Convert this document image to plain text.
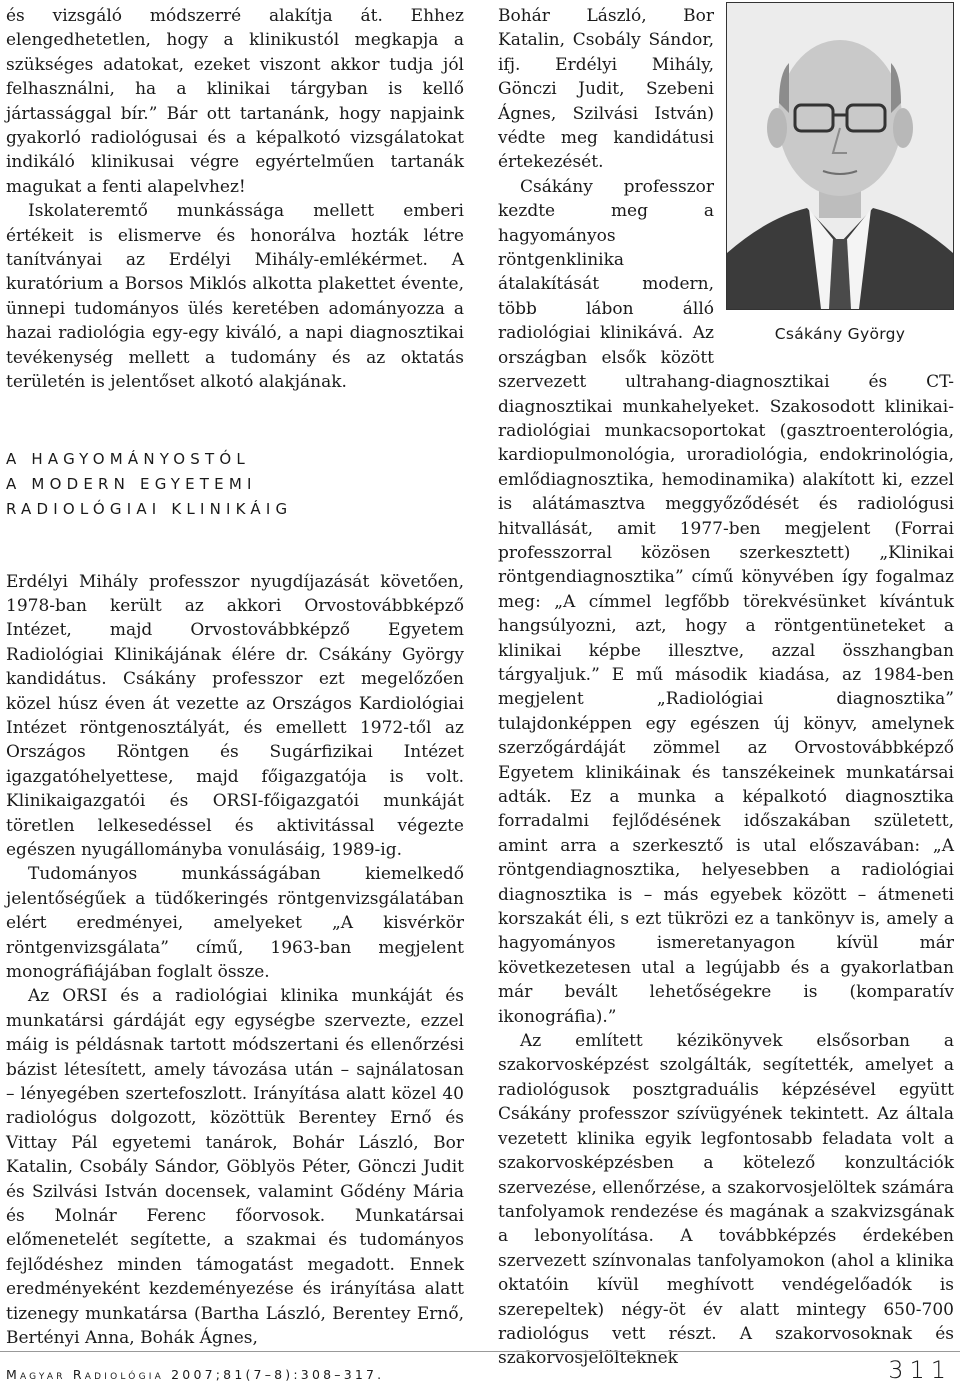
és vizsgáló módszerré alakítja át. Ehhez elengedhetetlen, hogy a klinikustól megkapja a szükséges adatokat, ezeket viszont akkor tudja jól felhasználni, ha a klinikai tárgyban is kellő jártassággal bír.” Bár ott tartanánk, hogy napjaink gyakorló radiológusai és a képalkotó vizsgálatokat indikáló klinikusai végre egyértelműen tartanák magukat a fenti alapelvhez!

Iskolateremtő munkássága mellett emberi értékeit is elismerve és honorálva hozták létre tanítványai az Erdélyi Mihály-emlékérmet. A kuratórium a Borsos Miklós alkotta plakettet évente, ünnepi tudományos ülés keretében adományozza a hazai radiológia egy-egy kiváló, a napi diagnosztikai tevékenység mellett a tudomány és az oktatás területén is jelentőset alkotó alakjának.

A HAGYOMÁNYOSTÓL
A MODERN EGYETEMI
RADIOLÓGIAI KLINIKÁIG

Erdélyi Mihály professzor nyugdíjazását követően, 1978-ban került az akkori Orvostovábbképző Intézet, majd Orvostovábbképző Egyetem Radiológiai Klinikájának élére dr. Csákány György kandidátus. Csákány professzor ezt megelőzően közel húsz éven át vezette az Országos Kardiológiai Intézet röntgenosztályát, és emellett 1972-től az Országos Röntgen és Sugárfizikai Intézet igazgatóhelyettese, majd főigazgatója is volt. Klinikaigazgatói és ORSI-főigazgatói munkáját töretlen lelkesedéssel és aktivitással végezte egészen nyugállományba vonulásáig, 1989-ig.

Tudományos munkásságában kiemelkedő jelentőségűek a tüdőkeringés röntgenvizsgálatában elért eredményei, amelyeket „A kisvérkör röntgenvizsgálata” című, 1963-ban megjelent monográfiájában foglalt össze.

Az ORSI és a radiológiai klinika munkáját és munkatársi gárdáját egy egységbe szervezte, ezzel máig is példásnak tartott módszertani és ellenőrzési bázist létesített, amely távozása után – sajnálatosan – lényegében szertefoszlott. Irányítása alatt közel 40 radiológus dolgozott, közöttük Berentey Ernő és Vittay Pál egyetemi tanárok, Bohár László, Bor Katalin, Csobály Sándor, Göblyös Péter, Gönczi Judit és Szilvási István docensek, valamint Gődény Mária és Molnár Ferenc főorvosok. Munkatársai előmenetelét segítette, a szakmai és tudományos fejlődéshez minden támogatást megadott. Ennek eredményeként kezdeményezése és irányítása alatt tizenegy munkatársa (Bartha László, Berentey Ernő, Bertényi Anna, Bohák Ágnes,

Csákány György

Bohár László, Bor Katalin, Csobály Sándor, ifj. Erdélyi Mihály, Gönczi Judit, Szebeni Ágnes, Szilvási István) védte meg kandidátusi értekezését.

Csákány professzor kezdte meg a hagyományos röntgenklinika átalakítását modern, több lábon álló radiológiai klinikává. Az országban elsők között szervezett ultrahang-diagnosztikai és CT-diagnosztikai munkahelyeket. Szakosodott klinikai-radiológiai munkacsoportokat (gasztroenterológia, kardiopulmonológia, uroradiológia, endokrinológia, emlődiagnosztika, hemodinamika) alakított ki, ezzel is alátámasztva meggyőződését és radiológusi hitvallását, amit 1977-ben megjelent (Forrai professzorral közösen szerkesztett) „Klinikai röntgendiagnosztika” című könyvében így fogalmaz meg: „A címmel legfőbb törekvésünket kívántuk hangsúlyozni, azt, hogy a röntgentüneteket a klinikai képbe illesztve, azzal összhangban tárgyaljuk.” E mű második kiadása, az 1984-ben megjelent „Radiológiai diagnosztika” tulajdonképpen egy egészen új könyv, amelynek szerzőgárdáját zömmel az Orvostovábbképző Egyetem klinikáinak és tanszékeinek munkatársai adták. Ez a munka a képalkotó diagnosztika forradalmi fejlődésének időszakában született, amint arra a szerkesztő is utal előszavában: „A röntgendiagnosztika, helyesebben a radiológiai diagnosztika is – más egyebek között – átmeneti korszakát éli, s ezt tükrözi ez a tankönyv is, amely a hagyományos ismeretanyagon kívül már következetesen utal a legújabb és a gyakorlatban már bevált lehetőségekre is (komparatív ikonográfia).”

Az említett kézikönyvek elsősorban a szakorvosképzést szolgálták, segítették, amelyet a radiológusok posztgraduális képzésével együtt Csákány professzor szívügyének tekintett. Az általa vezetett klinika egyik legfontosabb feladata volt a szakorvosképzésben a kötelező konzultációk szervezése, ellenőrzése, a szakorvosjelöltek számára tanfolyamok rendezése és magának a szakvizsgának a lebonyolítása. A továbbképzés érdekében szervezett színvonalas tanfolyamokon (ahol a klinika oktatóin kívül meghívott vendégelőadók is szerepeltek) négy-öt év alatt mintegy 650-700 radiológus vett részt. A szakorvosoknak és szakorvosjelölteknek

Magyar Radiológia 2007;81(7–8):308–317.	311
